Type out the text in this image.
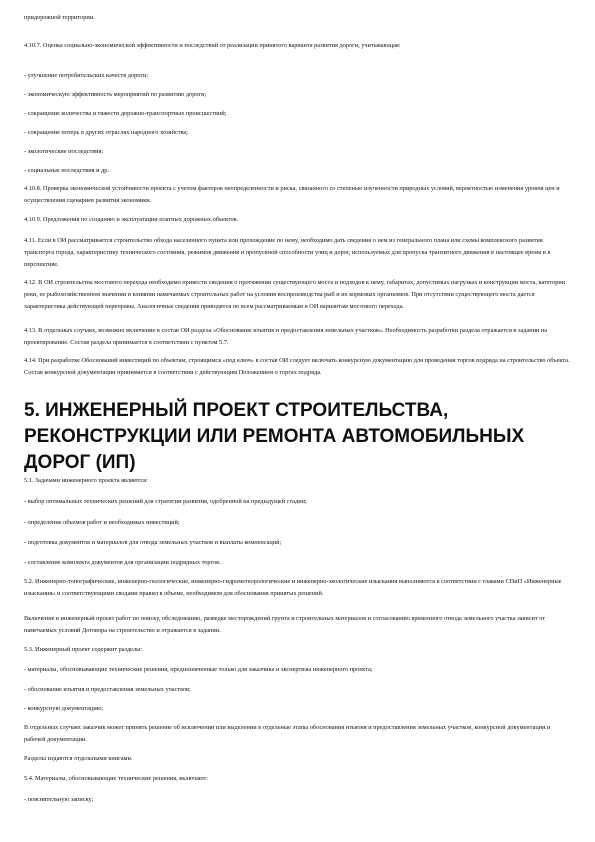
придорожной территории.

4.10.7. Оценка социально-экономической эффективности и последствий от реализации принятого варианта развития дороги, учитывающая:

- улучшение потребительских качеств дороги;

- экономическую эффективность мероприятий по развитию дороги;

- сокращение количества и тяжести дорожно-транспортных происшествий;

- сокращение потерь в других отраслях народного хозяйства;

- экологические последствия;

- социальные последствия и др.

4.10.8. Проверка экономической устойчивости проекта с учетом факторов неопределенности и риска, связанного со степенью изученности природных условий, вероятностью изменения уровня цен и осуществления сценариев развития экономики.

4.10.9. Предложения по созданию и эксплуатации платных дорожных объектов.

4.11. Если в ОИ рассматривается строительство обхода населенного пункта или прохождение по нему, необходимо дать сведения о нем из генерального плана или схемы комплексного развития транспорта города, характеристику технического состояния, режимов движения и пропускной способности улиц и дорог, используемых для пропуска транзитного движения в настоящее время и в перспективе.

4.12. В ОИ строительства мостового перехода необходимо привести сведения о протяжении существующего моста и подходов к нему, габаритах, допустимых нагрузках и конструкции моста, категории реки, ее рыбохозяйственном значении и влиянии намечаемых строительных работ на условия воспроизводства рыб и их кормовых организмов. При отсутствии существующего моста дается характеристика действующей переправы. Аналогичные сведения приводятся по всем рассматриваемым в ОИ вариантам мостового перехода.

4.13. В отдельных случаях, возможно включение в состав ОИ раздела «Обоснование изъятия и предоставления земельных участков». Необходимость разработки раздела отражается в задании на проектирование. Состав раздела принимается в соответствии с пунктом 5.7.

4.14. При разработке Обоснований инвестиций по объектам, строящимся «под ключ» в состав ОИ следует включать конкурсную документацию для проведения торгов подряда на строительство объекта. Состав конкурсной документации принимается в соответствии с действующим Положением о торгах подряда.

5. ИНЖЕНЕРНЫЙ ПРОЕКТ СТРОИТЕЛЬСТВА, РЕКОНСТРУКЦИИ ИЛИ РЕМОНТА АВТОМОБИЛЬНЫХ ДОРОГ (ИП)

5.1. Задачами инженерного проекта являются:

- выбор оптимальных технических решений для стратегии развития, одобренной на предыдущей стадии;

- определение объемов работ и необходимых инвестиций;

- подготовка документов и материалов для отвода земельных участков и выплаты компенсаций;

- составление комплекта документов для организации подрядных торгов.

5.2. Инженерно-топографические, инженерно-геологические, инженерно-гидрометеорологические и инженерно-экологические изыскания выполняются в соответствии с главами СНиП «Инженерные изыскания» и соответствующими сводами правил в объеме, необходимом для обоснования принятых решений.

Включение в инженерный проект работ по поиску, обследованию, разведке месторождений грунта и строительных материалов и согласованию временного отвода земельного участка зависит от намечаемых условий Договора на строительство и отражается в задании.

5.3. Инженерный проект содержит разделы:

- материалы, обосновывающие технические решения, предназначенные только для заказчика и экспертизы инженерного проекта;

- обоснование изъятия и предоставления земельных участков;

- конкурсную документацию;

В отдельных случаях заказчик может принять решение об исключении или выделении в отдельные этапы обоснования изъятия и предоставления земельных участков, конкурсной документации и рабочей документации.

Разделы издаются отдельными книгами.

5.4. Материалы, обосновывающие технические решения, включают:

- пояснительную записку;
